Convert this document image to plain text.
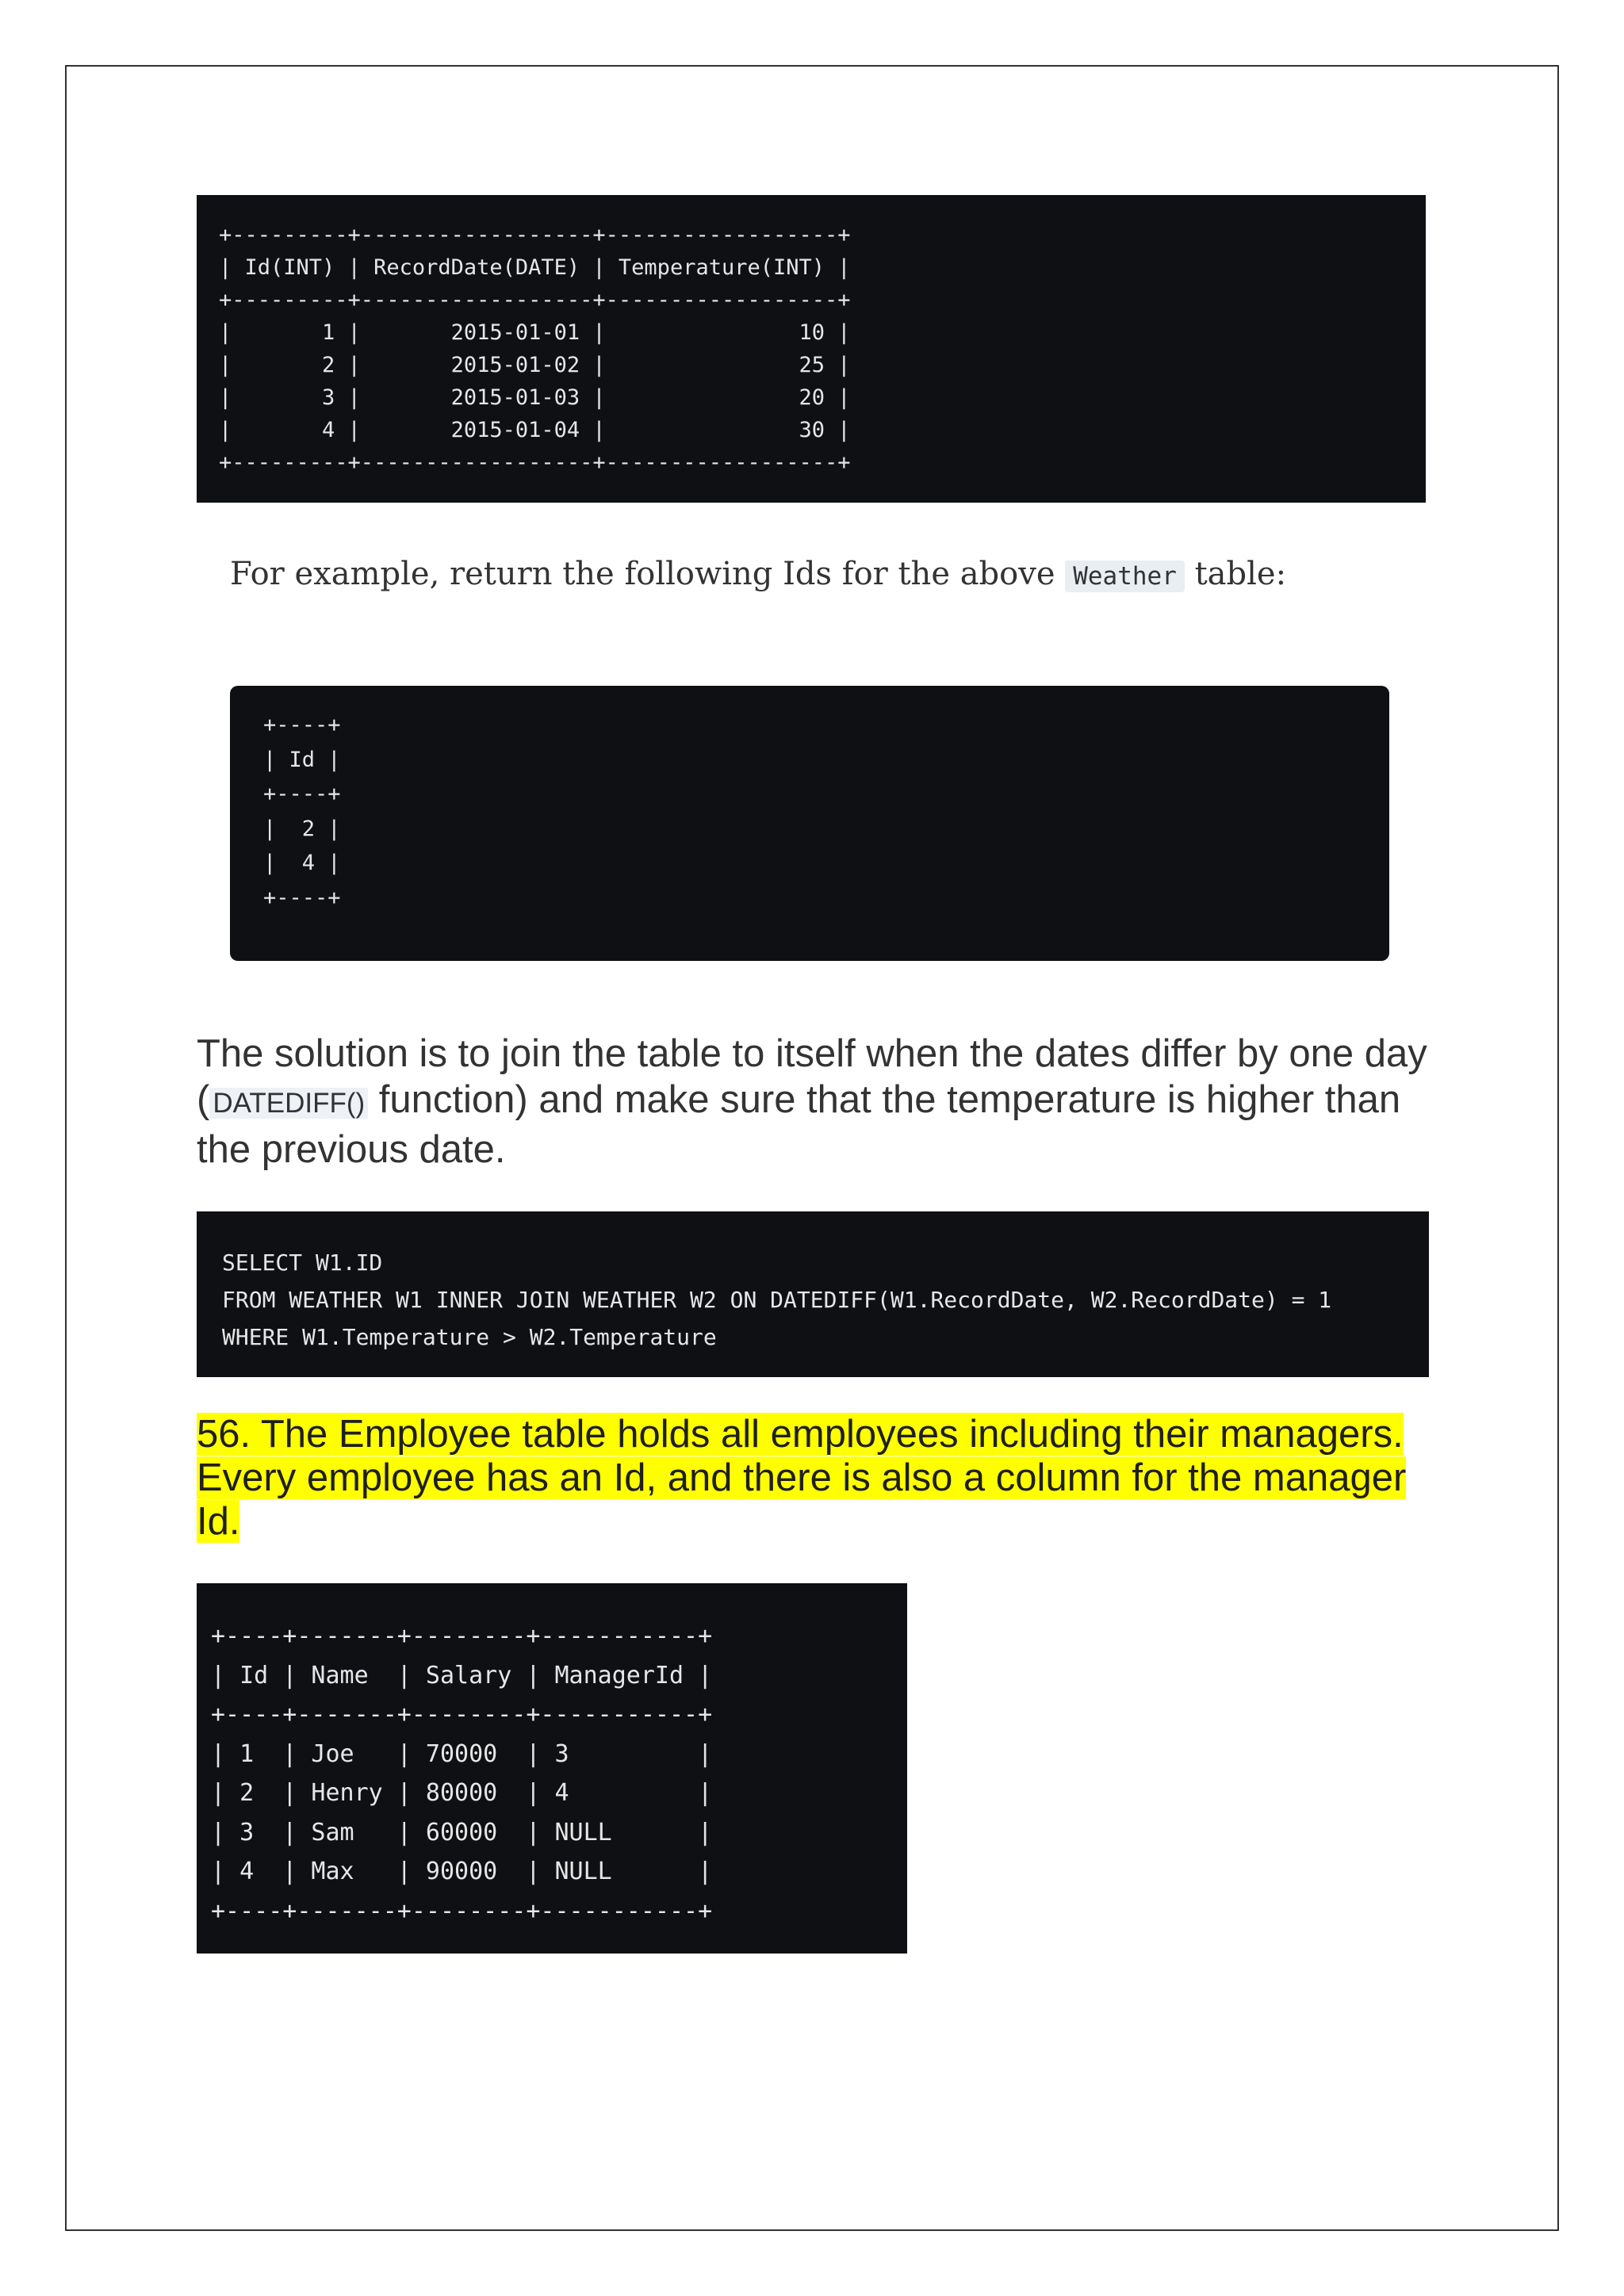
+---------+------------------+------------------+
| Id(INT) | RecordDate(DATE) | Temperature(INT) |
+---------+------------------+------------------+
|       1 |       2015-01-01 |               10 |
|       2 |       2015-01-02 |               25 |
|       3 |       2015-01-03 |               20 |
|       4 |       2015-01-04 |               30 |
+---------+------------------+------------------+
For example, return the following Ids for the above Weather table:
+----+
| Id |
+----+
|  2 |
|  4 |
+----+
The solution is to join the table to itself when the dates differ by one day ( DATEDIFF() function) and make sure that the temperature is higher than the previous date.
SELECT W1.ID
FROM WEATHER W1 INNER JOIN WEATHER W2 ON DATEDIFF(W1.RecordDate, W2.RecordDate) = 1
WHERE W1.Temperature > W2.Temperature
56. The Employee table holds all employees including their managers. Every employee has an Id, and there is also a column for the manager Id.
+----+-------+--------+-----------+
| Id | Name  | Salary | ManagerId |
+----+-------+--------+-----------+
| 1  | Joe   | 70000  | 3         |
| 2  | Henry | 80000  | 4         |
| 3  | Sam   | 60000  | NULL      |
| 4  | Max   | 90000  | NULL      |
+----+-------+--------+-----------+
